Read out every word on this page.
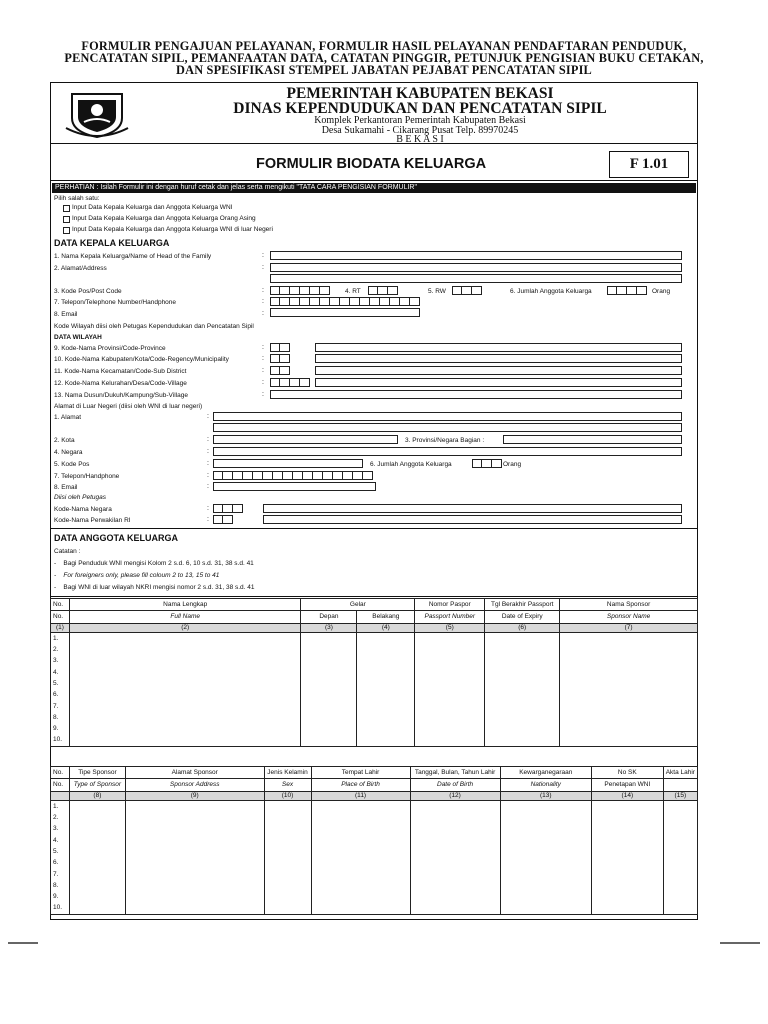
FORMULIR PENGAJUAN PELAYANAN, FORMULIR HASIL PELAYANAN PENDAFTARAN PENDUDUK,
PENCATATAN SIPIL, PEMANFAATAN DATA, CATATAN PINGGIR, PETUNJUK PENGISIAN BUKU CETAKAN,
DAN SPESIFIKASI STEMPEL JABATAN PEJABAT PENCATATAN SIPIL
PEMERINTAH KABUPATEN BEKASI
DINAS KEPENDUDUKAN DAN PENCATATAN SIPIL
Komplek Perkantoran Pemerintah Kabupaten Bekasi
Desa Sukamahi - Cikarang Pusat Telp. 89970245
B E K A S I
FORMULIR BIODATA KELUARGA	F 1.01
PERHATIAN : Isilah Formulir ini dengan huruf cetak dan jelas serta mengikuti "TATA CARA PENGISIAN FORMULIR"
Pilih salah satu:
Input Data Kepala Keluarga dan Anggota Keluarga WNI
Input Data Kepala Keluarga dan Anggota Keluarga Orang Asing
Input Data Kepala Keluarga dan Anggota Keluarga WNI di luar Negeri
DATA KEPALA KELUARGA
1. Nama Kepala Keluarga/Name of Head of the Family	:
2. Alamat/Address	:
3. Kode Pos/Post Code	:	4. RT	5. RW	6. Jumlah Anggota Keluarga	Orang
7. Telepon/Telephone Number/Handphone	:
8. Email	:
Kode Wilayah diisi oleh Petugas Kependudukan dan Pencatatan Sipil
DATA WILAYAH
9. Kode-Nama Provinsi/Code-Province	:
10. Kode-Nama Kabupaten/Kota/Code-Regency/Municipality	:
11. Kode-Nama Kecamatan/Code-Sub District	:
12. Kode-Nama Kelurahan/Desa/Code-Village	:
13. Nama Dusun/Dukuh/Kampung/Sub-Village	:
Alamat di Luar Negeri (diisi oleh WNI di luar negeri)
1. Alamat	:
2. Kota	:	3. Provinsi/Negara Bagian :
4. Negara	:
5. Kode Pos	:	6. Jumlah Anggota Keluarga	Orang
7. Telepon/Handphone	:
8. Email	:
Diisi oleh Petugas
Kode-Nama Negara	:
Kode-Nama Perwakilan RI	:
DATA ANGGOTA KELUARGA
Catatan :
-    Bagi Penduduk WNI mengisi Kolom 2 s.d. 6, 10 s.d. 31, 38 s.d. 41
-    For foreigners only, please fill coloum 2 to 13, 15 to 41
-    Bagi WNI di luar wilayah NKRI mengisi nomor 2 s.d. 31, 38 s.d. 41
No.	Nama Lengkap	Gelar		Nomor Paspor	Tgl Berakhir Passport	Nama Sponsor
No.	Full Name	Depan	Belakang	Passport Number	Date of Expiry	Sponsor Name
(1)	(2)	(3)	(4)	(5)	(6)	(7)
1.						
2.						
3.						
4.						
5.						
6.						
7.						
8.						
9.						
10.						
No.	Tipe Sponsor	Alamat Sponsor	Jenis Kelamin	Tempat Lahir	Tanggal, Bulan, Tahun Lahir	Kewarganegaraan	No SK	Akta Lahir
No.	Type of Sponsor	Sponsor Address	Sex	Place of Birth	Date of Birth	Nationality	Penetapan WNI	
	(8)	(9)	(10)	(11)	(12)	(13)	(14)	(15)
1.								
2.								
3.								
4.								
5.								
6.								
7.								
8.								
9.								
10.								
